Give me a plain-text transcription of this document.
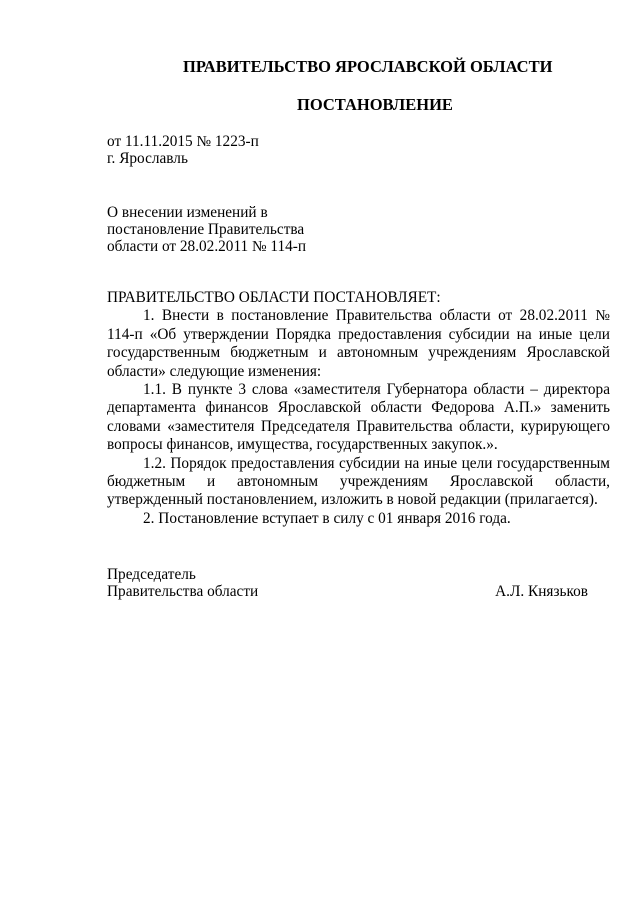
ПРАВИТЕЛЬСТВО ЯРОСЛАВСКОЙ ОБЛАСТИ
ПОСТАНОВЛЕНИЕ
от 11.11.2015 № 1223-п
г. Ярославль
О внесении изменений в
постановление Правительства
области от 28.02.2011 № 114-п

ПРАВИТЕЛЬСТВО ОБЛАСТИ ПОСТАНОВЛЯЕТ:

1. Внести в постановление Правительства области от 28.02.2011 № 114-п «Об утверждении Порядка предоставления субсидии на иные цели государственным бюджетным и автономным учреждениям Ярославской области» следующие изменения:

1.1. В пункте 3 слова «заместителя Губернатора области – директора департамента финансов Ярославской области Федорова А.П.» заменить словами «заместителя Председателя Правительства области, курирующего вопросы финансов, имущества, государственных закупок.».

1.2. Порядок предоставления субсидии на иные цели государственным бюджетным и автономным учреждениям Ярославской области, утвержденный постановлением, изложить в новой редакции (прилагается).

2. Постановление вступает в силу с 01 января 2016 года.

Председатель
Правительства области	А.Л. Князьков
